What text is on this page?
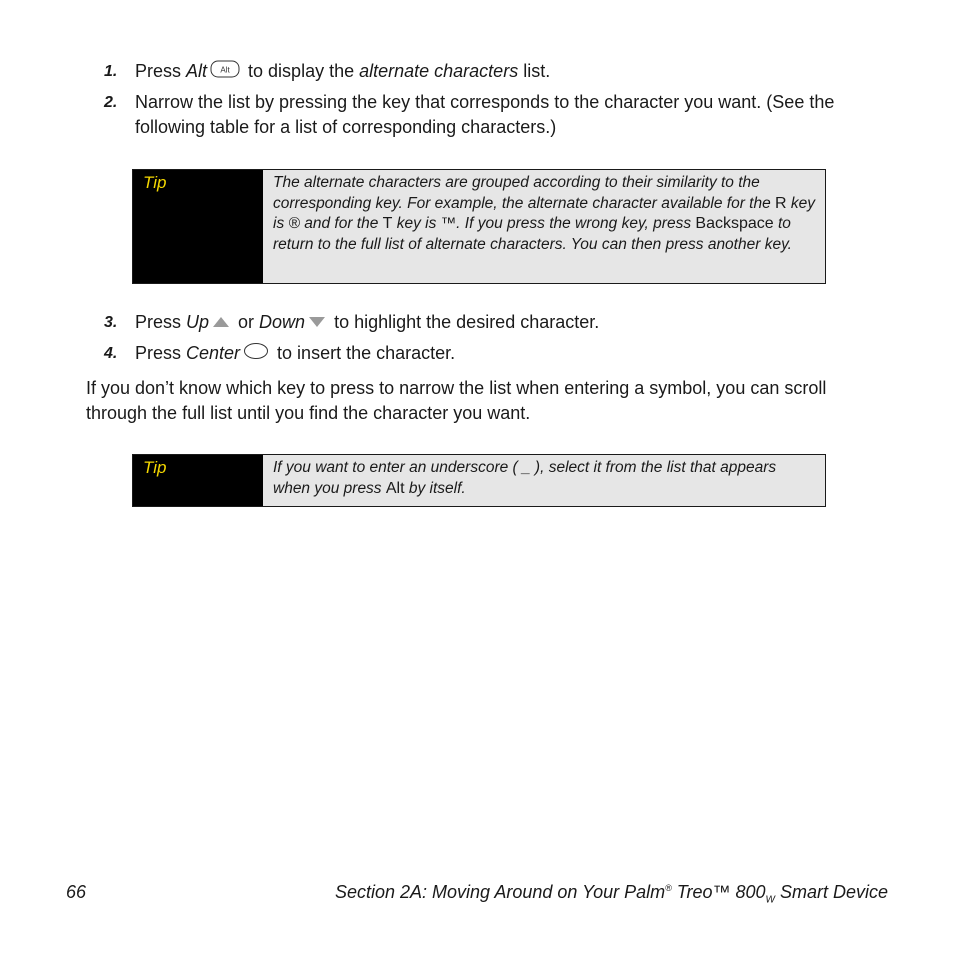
1. Press Alt Alt to display the alternate characters list.
2. Narrow the list by pressing the key that corresponds to the character you want. (See the following table for a list of corresponding characters.)
Tip	The alternate characters are grouped according to their similarity to the corresponding key. For example, the alternate character available for the R key is ® and for the T key is ™. If you press the wrong key, press Backspace to return to the full list of alternate characters. You can then press another key.
3. Press Up or Down to highlight the desired character.
4. Press Center to insert the character.
If you don’t know which key to press to narrow the list when entering a symbol, you can scroll through the full list until you find the character you want.
Tip	If you want to enter an underscore ( _ ), select it from the list that appears when you press Alt by itself.
66	Section 2A: Moving Around on Your Palm® Treo™ $800_W$ Smart Device
